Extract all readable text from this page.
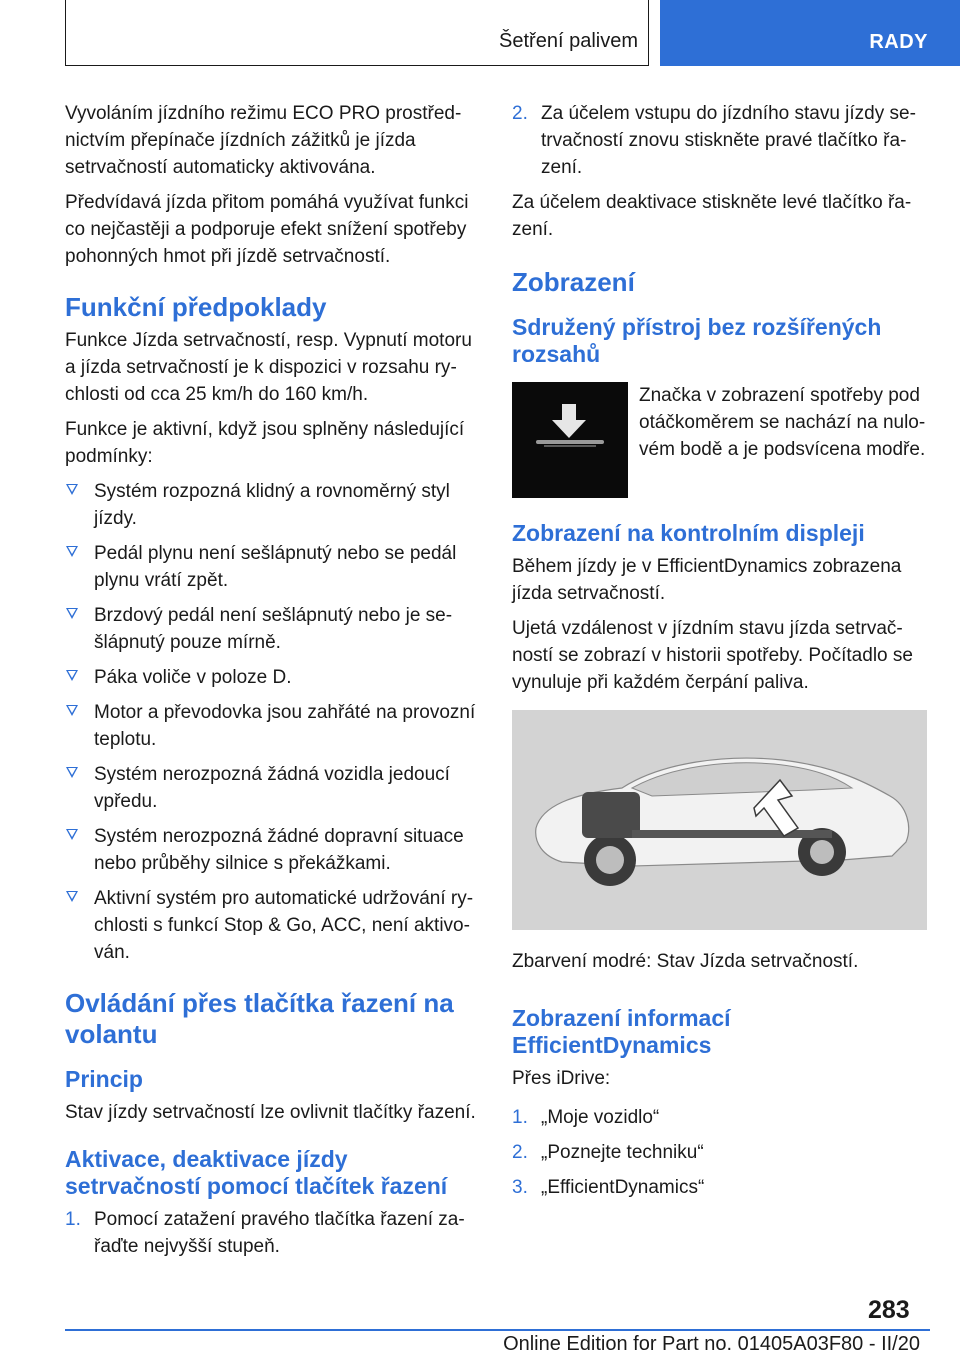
Šetření palivem	RADY

Vyvoláním jízdního režimu ECO PRO prostřednictvím přepínače jízdních zážitků je jízda setrvačností automaticky aktivována.

Předvídavá jízda přitom pomáhá využívat funkci co nejčastěji a podporuje efekt snížení spotřeby pohonných hmot při jízdě setrvačností.

Funkční předpoklady

Funkce Jízda setrvačností, resp. Vypnutí motoru a jízda setrvačností je k dispozici v rozsahu rychlosti od cca 25 km/h do 160 km/h.

Funkce je aktivní, když jsou splněny následující podmínky:

Systém rozpozná klidný a rovnoměrný styl jízdy.
Pedál plynu není sešlápnutý nebo se pedál plynu vrátí zpět.
Brzdový pedál není sešlápnutý nebo je sešlápnutý pouze mírně.
Páka voliče v poloze D.
Motor a převodovka jsou zahřáté na provozní teplotu.
Systém nerozpozná žádná vozidla jedoucí vpředu.
Systém nerozpozná žádné dopravní situace nebo průběhy silnice s překážkami.
Aktivní systém pro automatické udržování rychlosti s funkcí Stop & Go, ACC, není aktivován.
Ovládání přes tlačítka řazení na volantu
Princip

Stav jízdy setrvačností lze ovlivnit tlačítky řazení.

Aktivace, deaktivace jízdy setrvačností pomocí tlačítek řazení
1. Pomocí zatažení pravého tlačítka řazení zařaďte nejvyšší stupeň.
2. Za účelem vstupu do jízdního stavu jízdy setrvačností znovu stiskněte pravé tlačítko řazení.

Za účelem deaktivace stiskněte levé tlačítko řazení.

Zobrazení
Sdružený přístroj bez rozšířených rozsahů

Značka v zobrazení spotřeby pod otáčkoměrem se nachází na nulovém bodě a je podsvícena modře.

Zobrazení na kontrolním displeji

Během jízdy je v EfficientDynamics zobrazena jízda setrvačností.

Ujetá vzdálenost v jízdním stavu jízda setrvačností se zobrazí v historii spotřeby. Počítadlo se vynuluje při každém čerpání paliva.

Zbarvení modré: Stav Jízda setrvačností.

Zobrazení informací EfficientDynamics

Přes iDrive:

1. „Moje vozidlo“
2. „Poznejte techniku“
3. „EfficientDynamics“
283
Online Edition for Part no. 01405A03F80 - II/20
